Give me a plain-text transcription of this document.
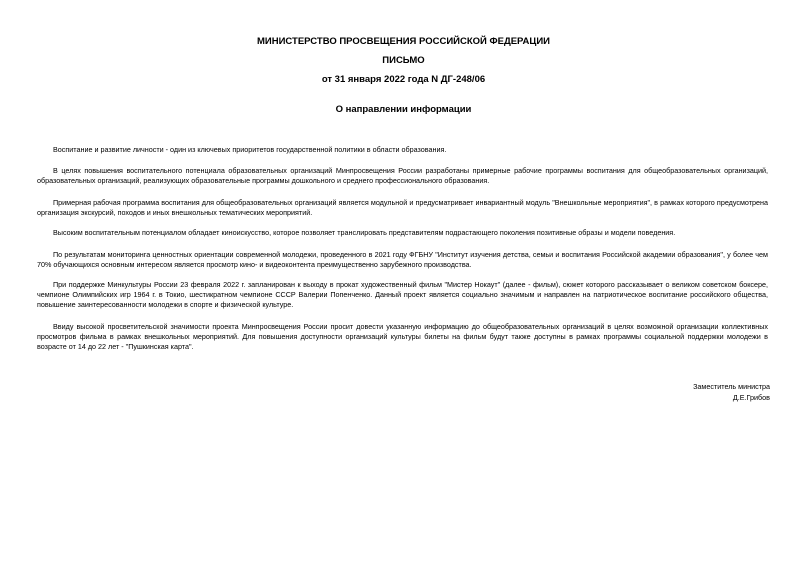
МИНИСТЕРСТВО ПРОСВЕЩЕНИЯ РОССИЙСКОЙ ФЕДЕРАЦИИ
ПИСЬМО
от 31 января 2022 года N ДГ-248/06
О направлении информации

Воспитание и развитие личности - один из ключевых приоритетов государственной политики в области образования.

В целях повышения воспитательного потенциала образовательных организаций Минпросвещения России разработаны примерные рабочие программы воспитания для общеобразовательных организаций, образовательных организаций, реализующих образовательные программы дошкольного и среднего профессионального образования.

Примерная рабочая программа воспитания для общеобразовательных организаций является модульной и предусматривает инвариантный модуль "Внешкольные мероприятия", в рамках которого предусмотрена организация экскурсий, походов и иных внешкольных тематических мероприятий.

Высоким воспитательным потенциалом обладает киноискусство, которое позволяет транслировать представителям подрастающего поколения позитивные образы и модели поведения.

По результатам мониторинга ценностных ориентации современной молодежи, проведенного в 2021 году ФГБНУ "Институт изучения детства, семьи и воспитания Российской академии образования", у более чем 70% обучающихся основным интересом является просмотр кино- и видеоконтента преимущественно зарубежного производства.

При поддержке Минкультуры России 23 февраля 2022 г. запланирован к выходу в прокат художественный фильм "Мистер Нокаут" (далее - фильм), сюжет которого рассказывает о великом советском боксере, чемпионе Олимпийских игр 1964 г. в Токио, шестикратном чемпионе СССР Валерии Попенченко. Данный проект является социально значимым и направлен на патриотическое воспитание российского общества, повышение заинтересованности молодежи в спорте и физической культуре.

Ввиду высокой просветительской значимости проекта Минпросвещения России просит довести указанную информацию до общеобразовательных организаций в целях возможной организации коллективных просмотров фильма в рамках внешкольных мероприятий. Для повышения доступности организаций культуры билеты на фильм будут также доступны в рамках программы социальной поддержки молодежи в возрасте от 14 до 22 лет - "Пушкинская карта".

Заместитель министра
Д.Е.Грибов
